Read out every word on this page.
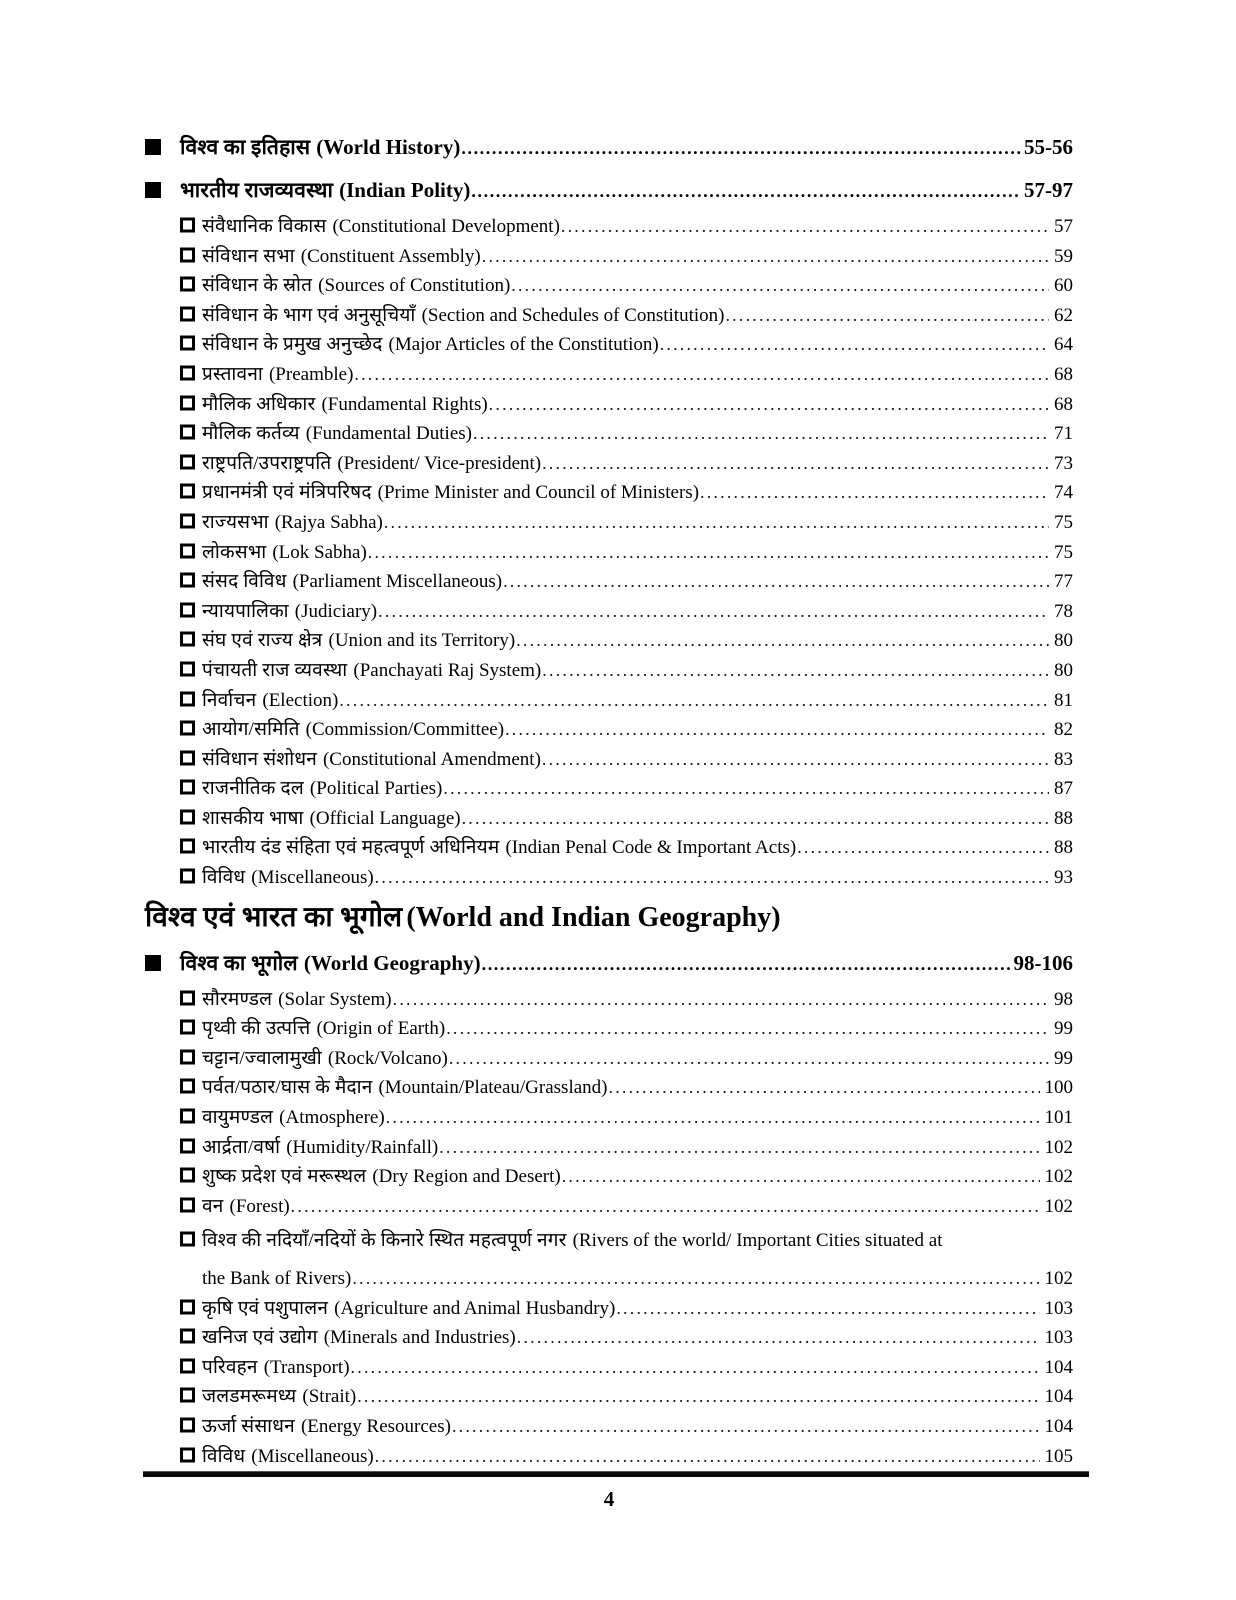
विश्व का इतिहास (World History) .....	55-56
भारतीय राजव्यवस्था (Indian Polity) .....	57-97
संवैधानिक विकास (Constitutional Development) .....	57
संविधान सभा (Constituent Assembly) .....	59
संविधान के स्रोत (Sources of Constitution) .....	60
संविधान के भाग एवं अनुसूचियाँ (Section and Schedules of Constitution) .....	62
संविधान के प्रमुख अनुच्छेद (Major Articles of the Constitution) .....	64
प्रस्तावना (Preamble) .....	68
मौलिक अधिकार (Fundamental Rights) .....	68
मौलिक कर्तव्य (Fundamental Duties) .....	71
राष्ट्रपति/उपराष्ट्रपति (President/ Vice-president) .....	73
प्रधानमंत्री एवं मंत्रिपरिषद (Prime Minister and Council of Ministers) .....	74
राज्यसभा (Rajya Sabha) .....	75
लोकसभा (Lok Sabha) .....	75
संसद विविध (Parliament Miscellaneous) .....	77
न्यायपालिका (Judiciary) .....	78
संघ एवं राज्य क्षेत्र (Union and its Territory) .....	80
पंचायती राज व्यवस्था (Panchayati Raj System) .....	80
निर्वाचन (Election) .....	81
आयोग/समिति (Commission/Committee) .....	82
संविधान संशोधन (Constitutional Amendment) .....	83
राजनीतिक दल (Political Parties) .....	87
शासकीय भाषा (Official Language) .....	88
भारतीय दंड संहिता एवं महत्वपूर्ण अधिनियम (Indian Penal Code & Important Acts) .....	88
विविध (Miscellaneous) .....	93
विश्व एवं भारत का भूगोल (World and Indian Geography)
विश्व का भूगोल (World Geography) .....	98-106
सौरमण्डल (Solar System) .....	98
पृथ्वी की उत्पत्ति (Origin of Earth) .....	99
चट्टान/ज्वालामुखी (Rock/Volcano) .....	99
पर्वत/पठार/घास के मैदान (Mountain/Plateau/Grassland) .....	100
वायुमण्डल (Atmosphere) .....	101
आर्द्रता/वर्षा (Humidity/Rainfall) .....	102
शुष्क प्रदेश एवं मरूस्थल (Dry Region and Desert) .....	102
वन (Forest) .....	102
विश्व की नदियाँ/नदियों के किनारे स्थित महत्वपूर्ण नगर (Rivers of the world/ Important Cities situated at
the Bank of Rivers) .....	102
कृषि एवं पशुपालन (Agriculture and Animal Husbandry) .....	103
खनिज एवं उद्योग (Minerals and Industries) .....	103
परिवहन (Transport) .....	104
जलडमरूमध्य (Strait) .....	104
ऊर्जा संसाधन (Energy Resources) .....	104
विविध (Miscellaneous) .....	105
4
